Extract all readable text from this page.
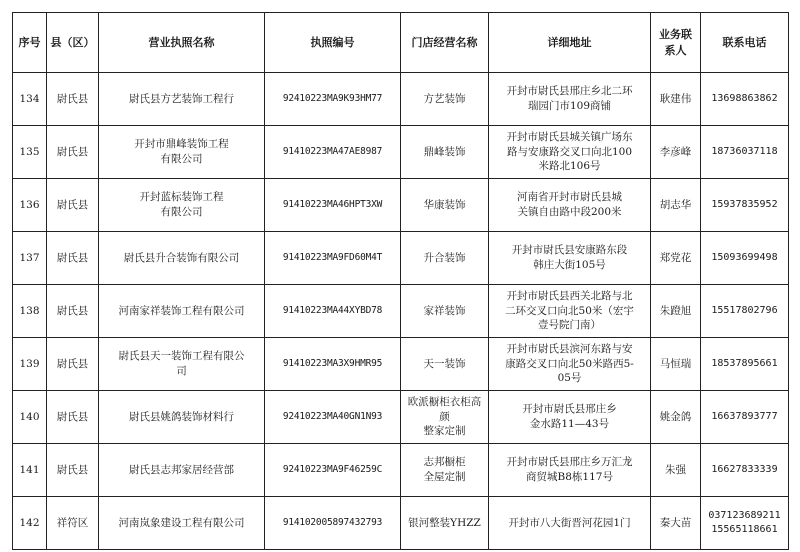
序号	县（区）	营业执照名称	执照编号	门店经营名称	详细地址	业务联系人	联系电话
134	尉氏县	尉氏县方艺装饰工程行	92410223MA9K93HM77	方艺装饰	开封市尉氏县邢庄乡北二环
瑞园门市109商铺	耿建伟	13698863862
135	尉氏县	开封市鼎峰装饰工程
有限公司	91410223MA47AE8987	鼎峰装饰	开封市尉氏县城关镇广场东
路与安康路交叉口向北100
米路北106号	李彦峰	18736037118
136	尉氏县	开封蓝标装饰工程
有限公司	91410223MA46HPT3XW	华康装饰	河南省开封市尉氏县城
关镇自由路中段200米	胡志华	15937835952
137	尉氏县	尉氏县升合装饰有限公司	91410223MA9FD60M4T	升合装饰	开封市尉氏县安康路东段
韩庄大街105号	郑党花	15093699498
138	尉氏县	河南家祥装饰工程有限公司	91410223MA44XYBD78	家祥装饰	开封市尉氏县西关北路与北
二环交叉口向北50米（宏宇
壹号院门南）	朱蹬旭	15517802796
139	尉氏县	尉氏县天一装饰工程有限公
司	91410223MA3X9HMR95	天一装饰	开封市尉氏县滨河东路与安
康路交叉口向北50米路西5-
05号	马恒瑞	18537895661
140	尉氏县	尉氏县姚鸽装饰材料行	92410223MA40GN1N93	欧派橱柜衣柜高颜
整家定制	开封市尉氏县邢庄乡
金水路11—43号	姚金鸽	16637893777
141	尉氏县	尉氏县志邦家居经营部	92410223MA9F46259C	志邦橱柜
全屋定制	开封市尉氏县邢庄乡万汇龙
商贸城B8栋117号	朱强	16627833339
142	祥符区	河南岚象建设工程有限公司	914102005897432793	银河整装YHZZ	开封市八大街晋河花园1门	秦大苗	03712368921​1
15565118661
